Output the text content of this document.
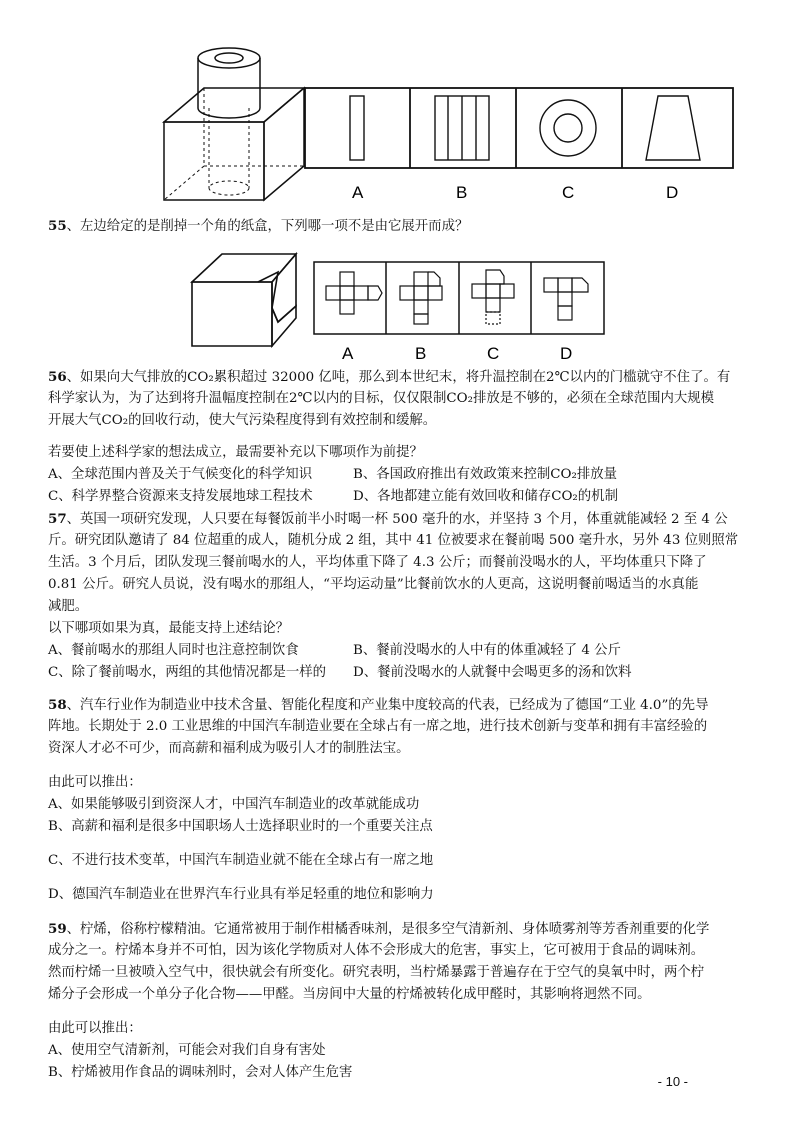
A	B	C	D

55、左边给定的是削掉一个角的纸盒，下列哪一项不是由它展开而成？

A	B	C	D

56、如果向大气排放的CO₂累积超过 32000 亿吨，那么到本世纪末，将升温控制在2℃以内的门槛就守不住了。有

科学家认为，为了达到将升温幅度控制在2℃以内的目标，仅仅限制CO₂排放是不够的，必须在全球范围内大规模

开展大气CO₂的回收行动，使大气污染程度得到有效控制和缓解。

若要使上述科学家的想法成立，最需要补充以下哪项作为前提？

A、全球范围内普及关于气候变化的科学知识	B、各国政府推出有效政策来控制CO₂排放量
C、科学界整合资源来支持发展地球工程技术	D、各地都建立能有效回收和储存CO₂的机制

57、英国一项研究发现，人只要在每餐饭前半小时喝一杯 500 毫升的水，并坚持 3 个月，体重就能减轻 2 至 4 公

斤。研究团队邀请了 84 位超重的成人，随机分成 2 组，其中 41 位被要求在餐前喝 500 毫升水，另外 43 位则照常

生活。3 个月后，团队发现三餐前喝水的人，平均体重下降了 4.3 公斤；而餐前没喝水的人，平均体重只下降了

0.81 公斤。研究人员说，没有喝水的那组人，“平均运动量”比餐前饮水的人更高，这说明餐前喝适当的水真能

减肥。

以下哪项如果为真，最能支持上述结论？

A、餐前喝水的那组人同时也注意控制饮食	B、餐前没喝水的人中有的体重减轻了 4 公斤
C、除了餐前喝水，两组的其他情况都是一样的 D、餐前没喝水的人就餐中会喝更多的汤和饮料

58、汽车行业作为制造业中技术含量、智能化程度和产业集中度较高的代表，已经成为了德国“工业 4.0”的先导

阵地。长期处于 2.0 工业思维的中国汽车制造业要在全球占有一席之地，进行技术创新与变革和拥有丰富经验的

资深人才必不可少，而高薪和福利成为吸引人才的制胜法宝。

由此可以推出：

A、如果能够吸引到资深人才，中国汽车制造业的改革就能成功

B、高薪和福利是很多中国职场人士选择职业时的一个重要关注点

C、不进行技术变革，中国汽车制造业就不能在全球占有一席之地

D、德国汽车制造业在世界汽车行业具有举足轻重的地位和影响力

59、柠烯，俗称柠檬精油。它通常被用于制作柑橘香味剂，是很多空气清新剂、身体喷雾剂等芳香剂重要的化学

成分之一。柠烯本身并不可怕，因为该化学物质对人体不会形成大的危害，事实上，它可被用于食品的调味剂。

然而柠烯一旦被喷入空气中，很快就会有所变化。研究表明，当柠烯暴露于普遍存在于空气的臭氧中时，两个柠

烯分子会形成一个单分子化合物——甲醛。当房间中大量的柠烯被转化成甲醛时，其影响将迥然不同。

由此可以推出：

A、使用空气清新剂，可能会对我们自身有害处

B、柠烯被用作食品的调味剂时，会对人体产生危害

- 10 -
